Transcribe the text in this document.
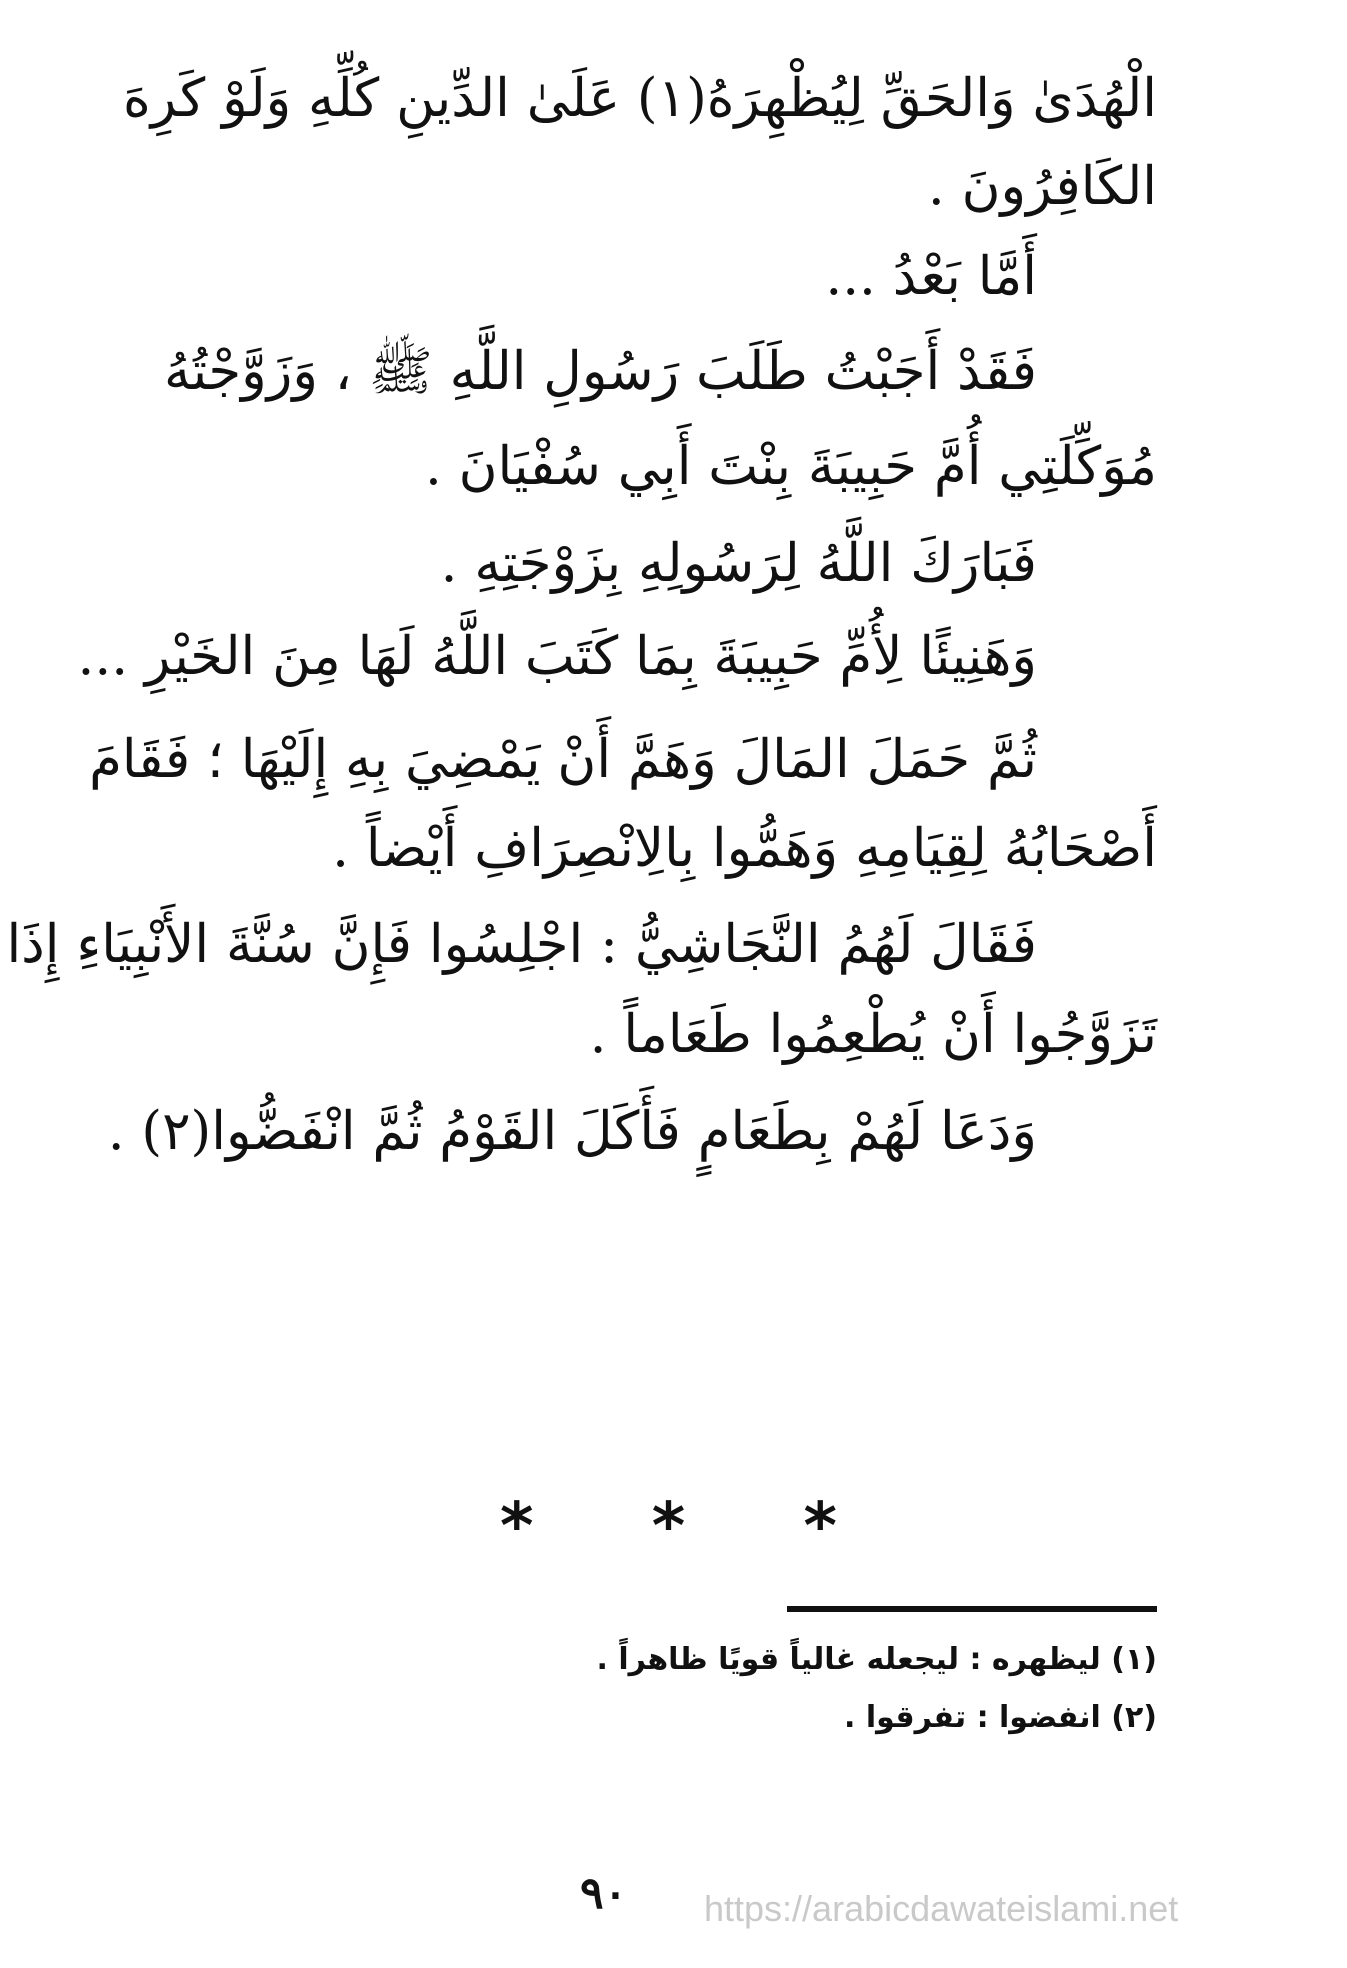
الْهُدَىٰ وَالحَقِّ لِيُظْهِرَهُ(١) عَلَىٰ الدِّينِ كُلِّهِ وَلَوْ كَرِهَ
الكَافِرُونَ .
أَمَّا بَعْدُ ...
فَقَدْ أَجَبْتُ طَلَبَ رَسُولِ اللَّهِ ﷺ ، وَزَوَّجْتُهُ
مُوَكِّلَتِي أُمَّ حَبِيبَةَ بِنْتَ أَبِي سُفْيَانَ .
فَبَارَكَ اللَّهُ لِرَسُولِهِ بِزَوْجَتِهِ .
وَهَنِيئًا لِأُمِّ حَبِيبَةَ بِمَا كَتَبَ اللَّهُ لَهَا مِنَ الخَيْرِ ...
ثُمَّ حَمَلَ المَالَ وَهَمَّ أَنْ يَمْضِيَ بِهِ إِلَيْهَا ؛ فَقَامَ
أَصْحَابُهُ لِقِيَامِهِ وَهَمُّوا بِالِانْصِرَافِ أَيْضاً .
فَقَالَ لَهُمُ النَّجَاشِيُّ : اجْلِسُوا فَإِنَّ سُنَّةَ الأَنْبِيَاءِ إِذَا
تَزَوَّجُوا أَنْ يُطْعِمُوا طَعَاماً .
وَدَعَا لَهُمْ بِطَعَامٍ فَأَكَلَ القَوْمُ ثُمَّ انْفَضُّوا(٢) .
* * *
(١) ليظهره : ليجعله غالياً قويًا ظاهراً .
(٢) انفضوا : تفرقوا .
٩٠ https://arabicdawateislami.net
